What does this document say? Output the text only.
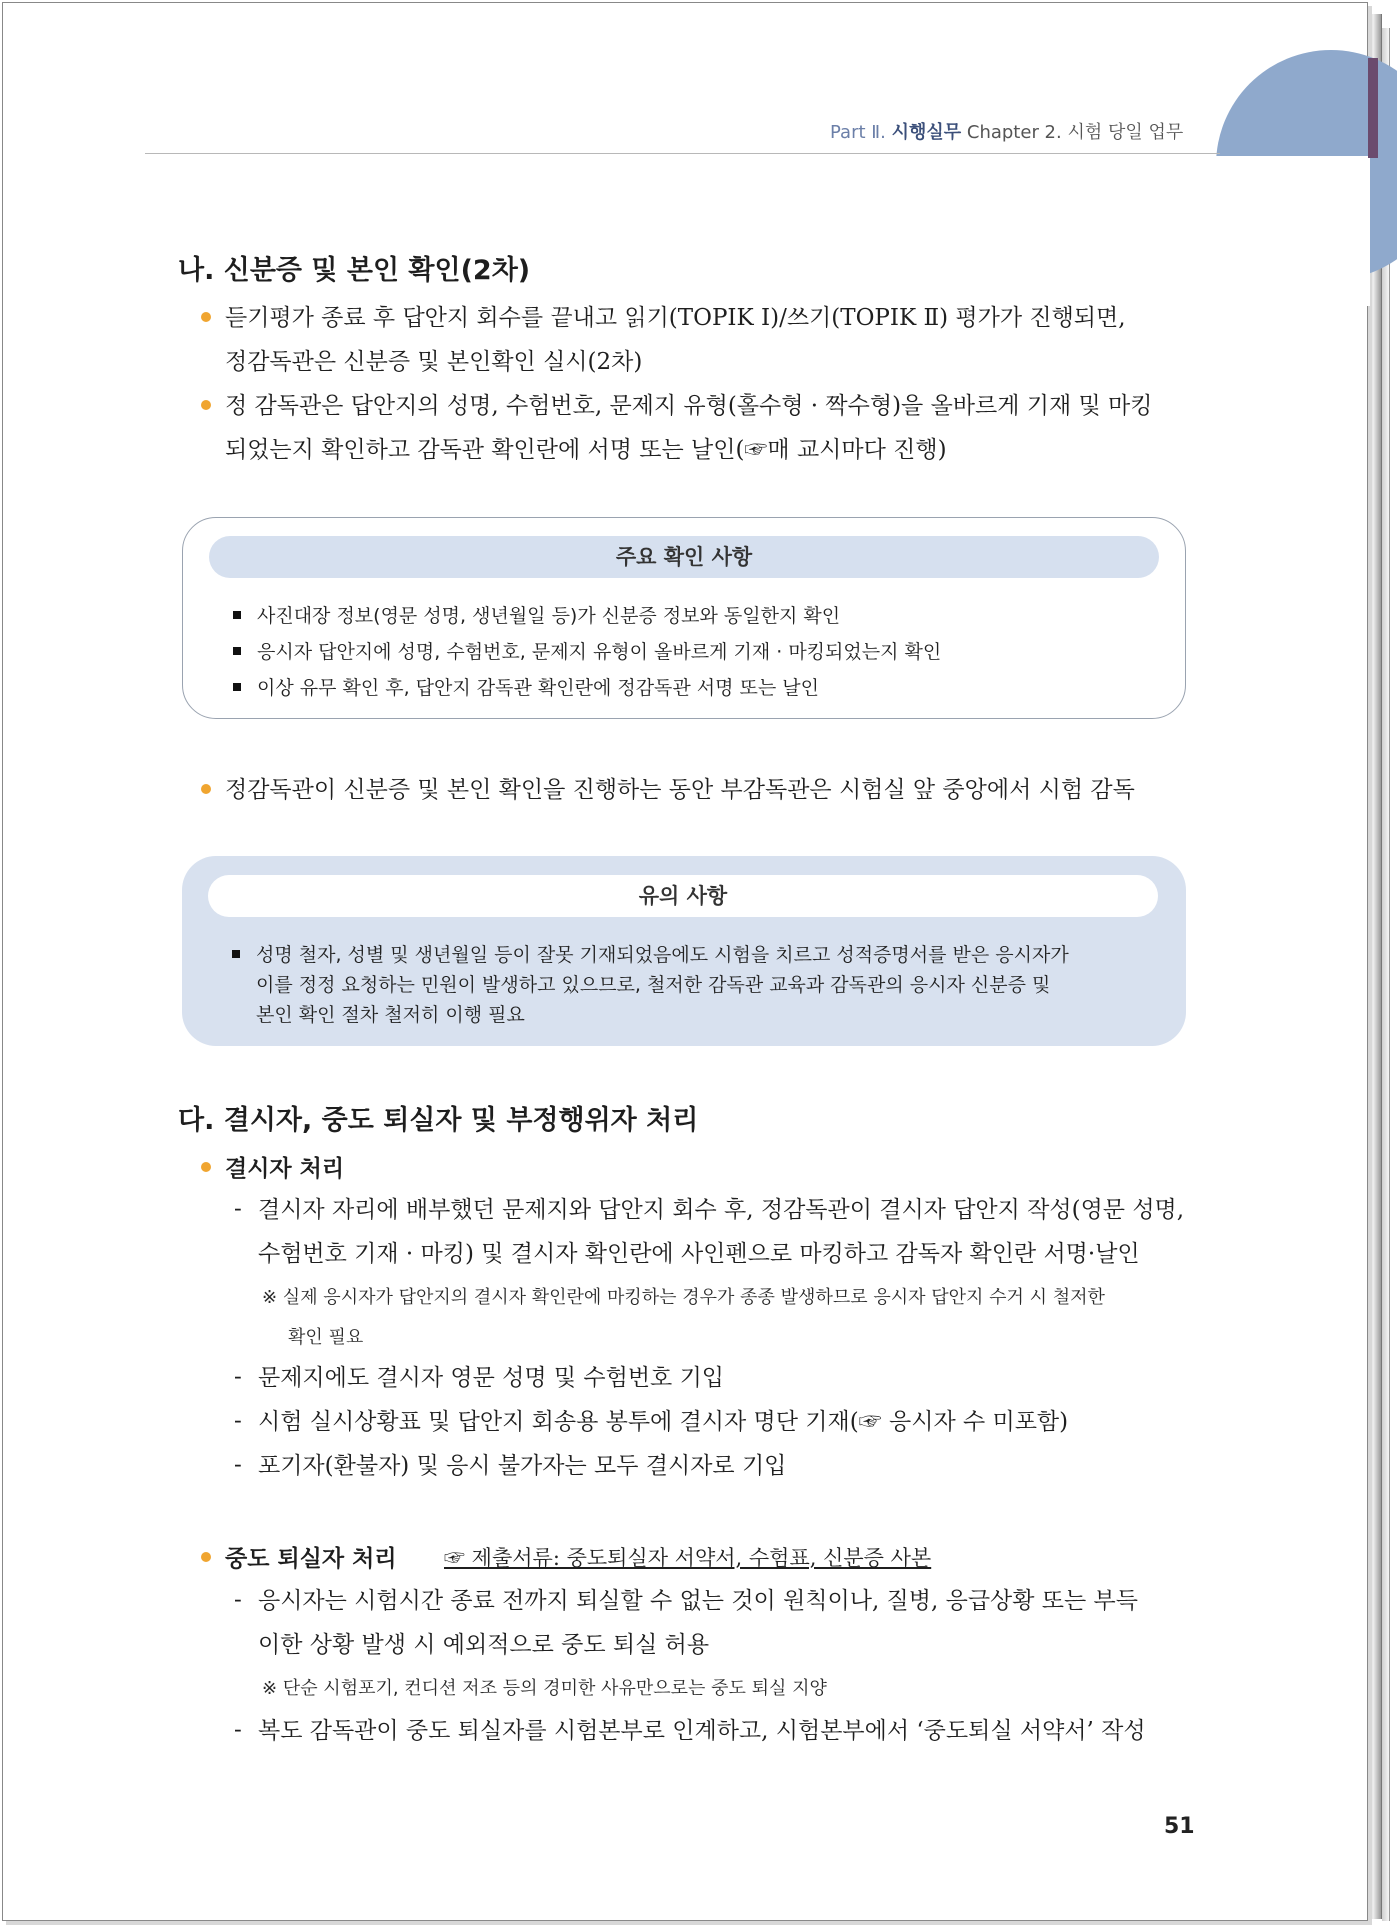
Part Ⅱ. 시행실무 Chapter 2. 시험 당일 업무
나. 신분증 및 본인 확인(2차)
듣기평가 종료 후 답안지 회수를 끝내고 읽기(TOPIK Ⅰ)/쓰기(TOPIK Ⅱ) 평가가 진행되면,
정감독관은 신분증 및 본인확인 실시(2차)
정 감독관은 답안지의 성명, 수험번호, 문제지 유형(홀수형 · 짝수형)을 올바르게 기재 및 마킹
되었는지 확인하고 감독관 확인란에 서명 또는 날인(☞매 교시마다 진행)
주요 확인 사항
사진대장 정보(영문 성명, 생년월일 등)가 신분증 정보와 동일한지 확인
응시자 답안지에 성명, 수험번호, 문제지 유형이 올바르게 기재 · 마킹되었는지 확인
이상 유무 확인 후, 답안지 감독관 확인란에 정감독관 서명 또는 날인
정감독관이 신분증 및 본인 확인을 진행하는 동안 부감독관은 시험실 앞 중앙에서 시험 감독
유의 사항
성명 철자, 성별 및 생년월일 등이 잘못 기재되었음에도 시험을 치르고 성적증명서를 받은 응시자가
이를 정정 요청하는 민원이 발생하고 있으므로, 철저한 감독관 교육과 감독관의 응시자 신분증 및
본인 확인 절차 철저히 이행 필요
다. 결시자, 중도 퇴실자 및 부정행위자 처리
결시자 처리
- 결시자 자리에 배부했던 문제지와 답안지 회수 후, 정감독관이 결시자 답안지 작성(영문 성명,
수험번호 기재 · 마킹) 및 결시자 확인란에 사인펜으로 마킹하고 감독자 확인란 서명·날인
※ 실제 응시자가 답안지의 결시자 확인란에 마킹하는 경우가 종종 발생하므로 응시자 답안지 수거 시 철저한
확인 필요
- 문제지에도 결시자 영문 성명 및 수험번호 기입
- 시험 실시상황표 및 답안지 회송용 봉투에 결시자 명단 기재(☞ 응시자 수 미포함)
- 포기자(환불자) 및 응시 불가자는 모두 결시자로 기입
중도 퇴실자 처리 ☞ 제출서류: 중도퇴실자 서약서, 수험표, 신분증 사본
- 응시자는 시험시간 종료 전까지 퇴실할 수 없는 것이 원칙이나, 질병, 응급상황 또는 부득
이한 상황 발생 시 예외적으로 중도 퇴실 허용
※ 단순 시험포기, 컨디션 저조 등의 경미한 사유만으로는 중도 퇴실 지양
- 복도 감독관이 중도 퇴실자를 시험본부로 인계하고, 시험본부에서 ‘중도퇴실 서약서’ 작성
51
